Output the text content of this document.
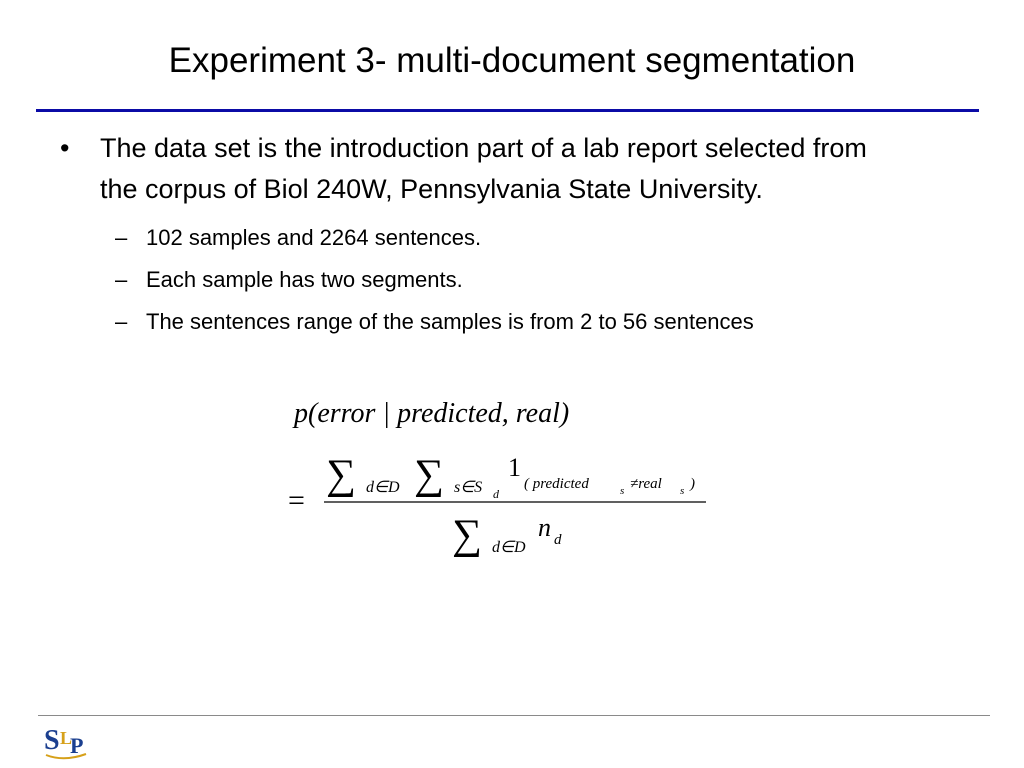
Experiment 3- multi-document segmentation
•	The data set is the introduction part of a lab report selected from the corpus of Biol 240W, Pennsylvania State University.
– 102 samples and 2264 sentences.
– Each sample has two segments.
– The sentences range of the samples is from 2 to 56 sentences
p(error | predicted, real)
=
∑ d∈D ∑ s∈S d
1
( predicted	s ≠real s )
∑ d∈D
n d
S L
P
